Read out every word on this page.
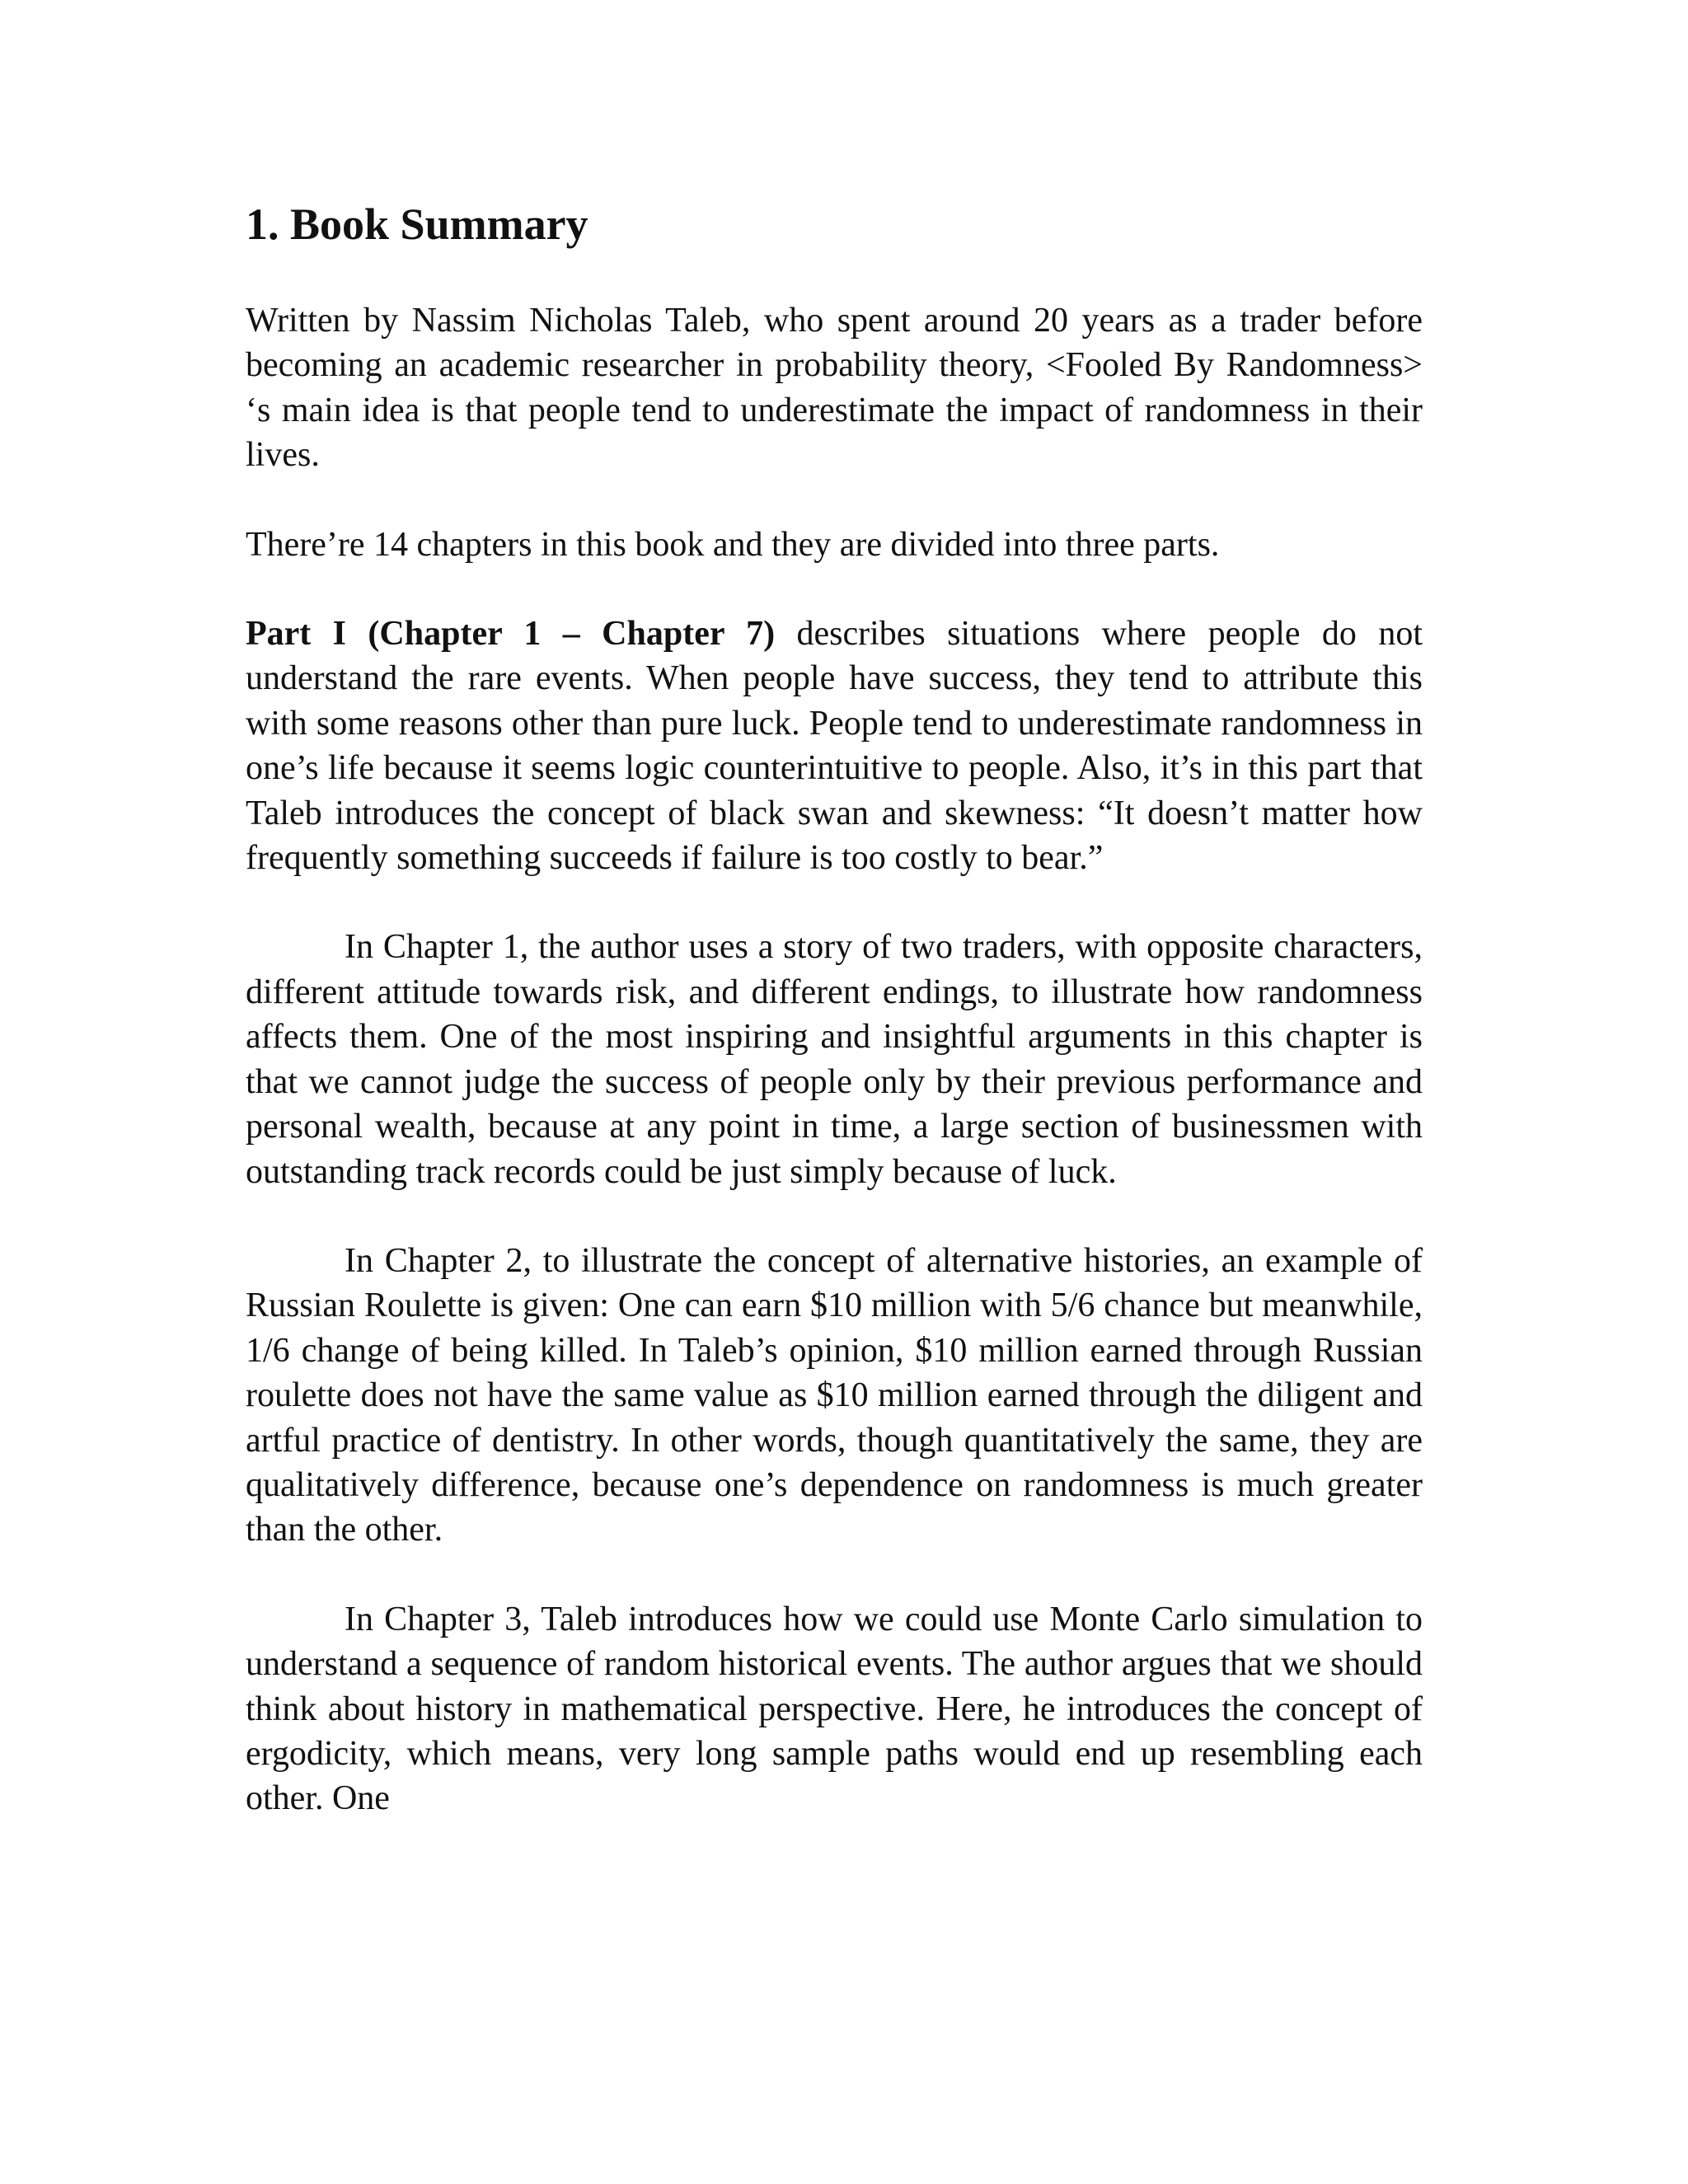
1. Book Summary

Written by Nassim Nicholas Taleb, who spent around 20 years as a trader before becoming an academic researcher in probability theory, <Fooled By Randomness> ‘s main idea is that people tend to underestimate the impact of randomness in their lives.

There’re 14 chapters in this book and they are divided into three parts.

Part I (Chapter 1 – Chapter 7) describes situations where people do not understand the rare events. When people have success, they tend to attribute this with some reasons other than pure luck. People tend to underestimate randomness in one’s life because it seems logic counterintuitive to people. Also, it’s in this part that Taleb introduces the concept of black swan and skewness: “It doesn’t matter how frequently something succeeds if failure is too costly to bear.”

In Chapter 1, the author uses a story of two traders, with opposite characters, different attitude towards risk, and different endings, to illustrate how randomness affects them. One of the most inspiring and insightful arguments in this chapter is that we cannot judge the success of people only by their previous performance and personal wealth, because at any point in time, a large section of businessmen with outstanding track records could be just simply because of luck.

In Chapter 2, to illustrate the concept of alternative histories, an example of Russian Roulette is given: One can earn $10 million with 5/6 chance but meanwhile, 1/6 change of being killed. In Taleb’s opinion, $10 million earned through Russian roulette does not have the same value as $10 million earned through the diligent and artful practice of dentistry. In other words, though quantitatively the same, they are qualitatively difference, because one’s dependence on randomness is much greater than the other.

In Chapter 3, Taleb introduces how we could use Monte Carlo simulation to understand a sequence of random historical events. The author argues that we should think about history in mathematical perspective. Here, he introduces the concept of ergodicity, which means, very long sample paths would end up resembling each other. One
